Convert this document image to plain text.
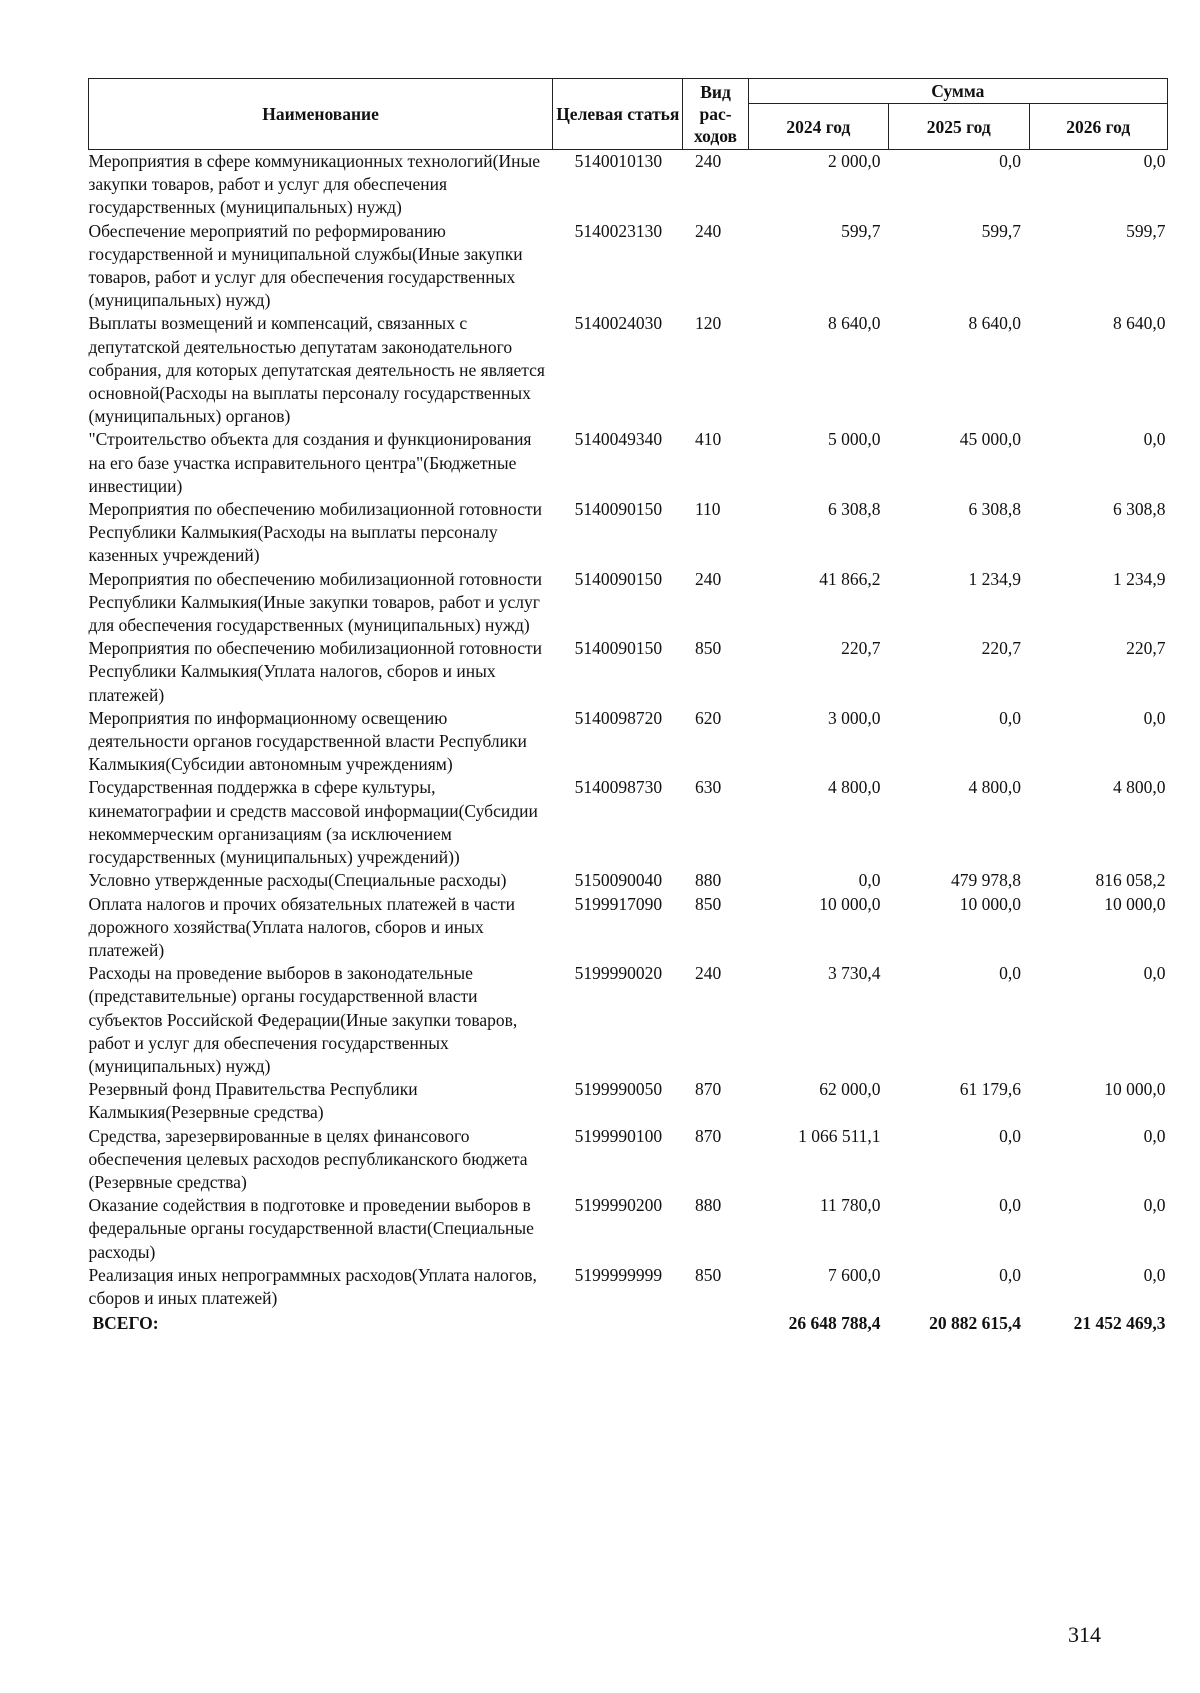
Наименование	Целевая статья	Вид рас-ходов	Сумма		
			2024 год	2025 год	2026 год
Мероприятия в сфере коммуникационных технологий(Иные закупки товаров, работ и услуг для обеспечения государственных (муниципальных) нужд)	5140010130	240	2 000,0	0,0	0,0
Обеспечение мероприятий по реформированию государственной и муниципальной службы(Иные закупки товаров, работ и услуг для обеспечения государственных (муниципальных) нужд)	5140023130	240	599,7	599,7	599,7
Выплаты возмещений и компенсаций, связанных с депутатской деятельностью депутатам законодательного собрания, для которых депутатская деятельность не является основной(Расходы на выплаты персоналу государственных (муниципальных) органов)	5140024030	120	8 640,0	8 640,0	8 640,0
"Строительство объекта для создания и функционирования на его базе участка исправительного центра"(Бюджетные инвестиции)	5140049340	410	5 000,0	45 000,0	0,0
Мероприятия по обеспечению мобилизационной готовности Республики Калмыкия(Расходы на выплаты персоналу казенных учреждений)	5140090150	110	6 308,8	6 308,8	6 308,8
Мероприятия по обеспечению мобилизационной готовности Республики Калмыкия(Иные закупки товаров, работ и услуг для обеспечения государственных (муниципальных) нужд)	5140090150	240	41 866,2	1 234,9	1 234,9
Мероприятия по обеспечению мобилизационной готовности Республики Калмыкия(Уплата налогов, сборов и иных платежей)	5140090150	850	220,7	220,7	220,7
Мероприятия по информационному освещению деятельности органов государственной власти Республики Калмыкия(Субсидии автономным учреждениям)	5140098720	620	3 000,0	0,0	0,0
Государственная поддержка в сфере культуры, кинематографии и средств массовой информации(Субсидии некоммерческим организациям (за исключением государственных (муниципальных) учреждений))	5140098730	630	4 800,0	4 800,0	4 800,0
Условно утвержденные расходы(Специальные расходы)	5150090040	880	0,0	479 978,8	816 058,2
Оплата налогов и прочих обязательных платежей в части дорожного хозяйства(Уплата налогов, сборов и иных платежей)	5199917090	850	10 000,0	10 000,0	10 000,0
Расходы на проведение выборов в законодательные (представительные) органы государственной власти субъектов Российской Федерации(Иные закупки товаров, работ и услуг для обеспечения государственных (муниципальных) нужд)	5199990020	240	3 730,4	0,0	0,0
Резервный фонд Правительства Республики Калмыкия(Резервные средства)	5199990050	870	62 000,0	61 179,6	10 000,0
Средства, зарезервированные в целях финансового обеспечения целевых расходов республиканского бюджета (Резервные средства)	5199990100	870	1 066 511,1	0,0	0,0
Оказание содействия в подготовке и проведении выборов в федеральные органы государственной власти(Специальные расходы)	5199990200	880	11 780,0	0,0	0,0
Реализация иных непрограммных расходов(Уплата налогов, сборов и иных платежей)	5199999999	850	7 600,0	0,0	0,0
ВСЕГО:			26 648 788,4	20 882 615,4	21 452 469,3
314
